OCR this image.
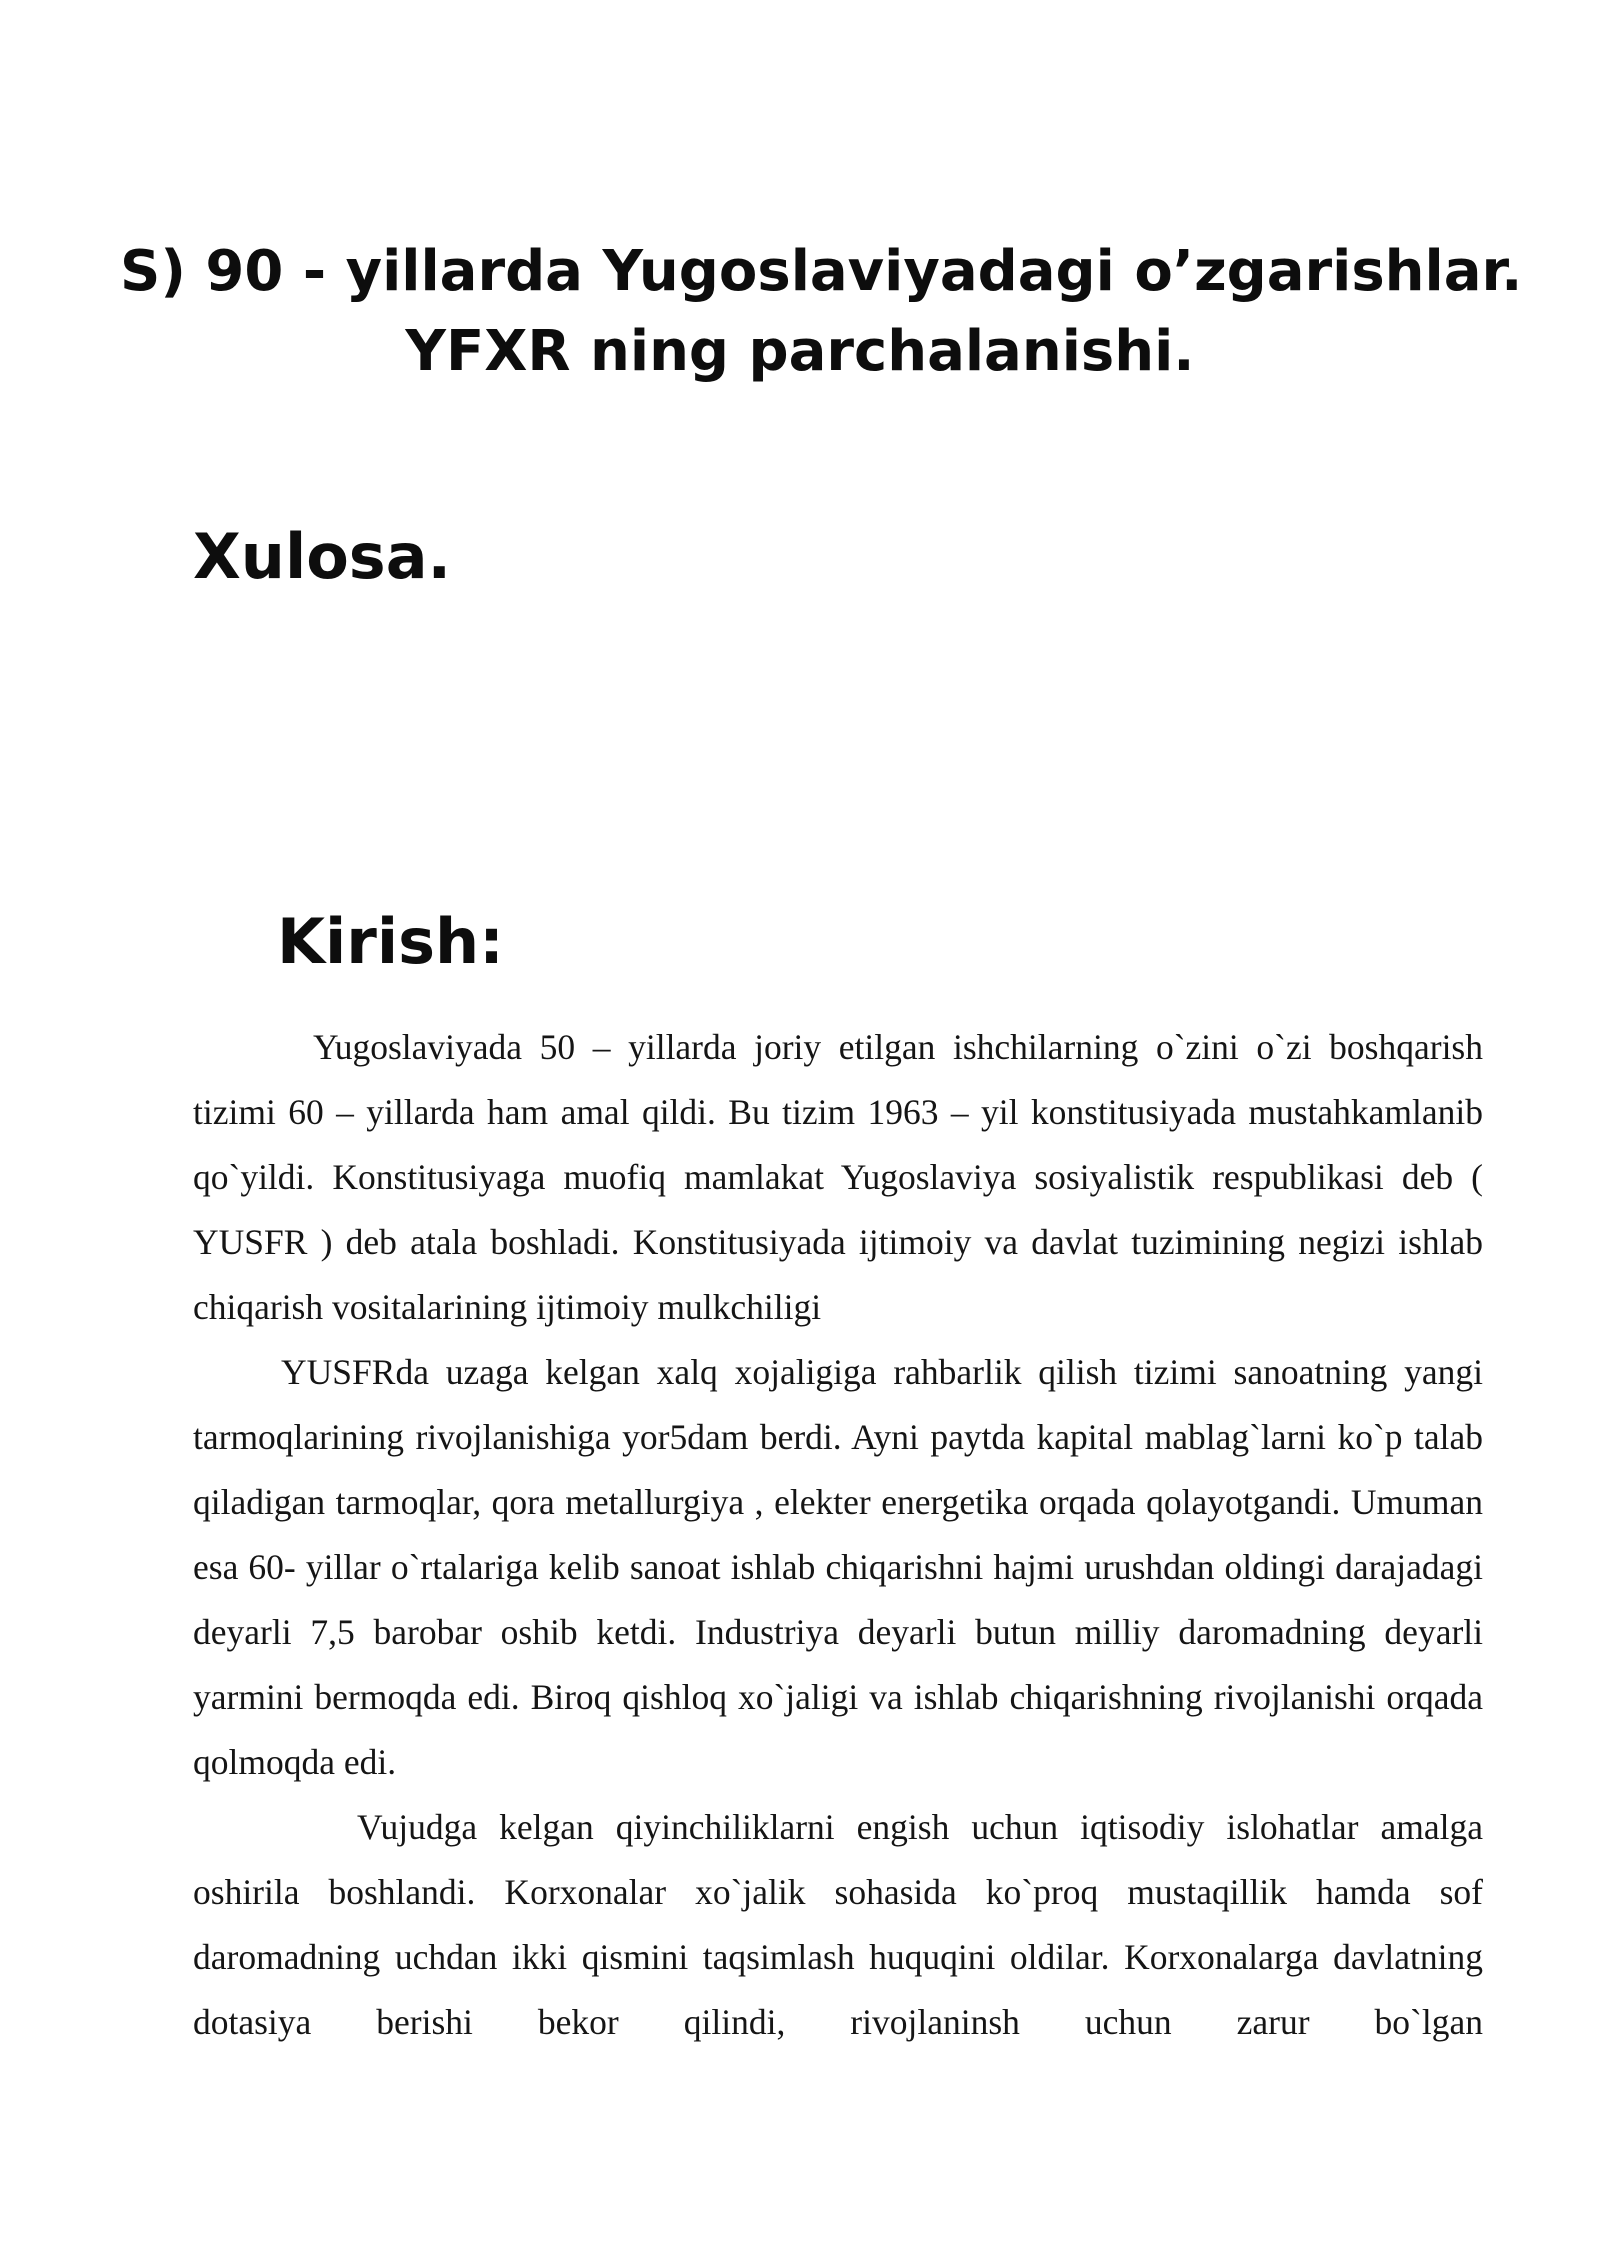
S) 90 - yillarda Yugoslaviyadagi o’zgarishlar.
YFXR ning parchalanishi.
Xulosa.
Kirish:

Yugoslaviyada 50 – yillarda joriy etilgan ishchilarning o`zini o`zi boshqarish tizimi 60 – yillarda ham amal qildi. Bu tizim 1963 – yil konstitusiyada mustahkamlanib qo`yildi. Konstitusiyaga muofiq mamlakat Yugoslaviya sosiyalistik respublikasi deb ( YUSFR ) deb atala boshladi. Konstitusiyada ijtimoiy va davlat tuzimining negizi ishlab chiqarish vositalarining ijtimoiy mulkchiligi

YUSFRda uzaga kelgan xalq xojaligiga rahbarlik qilish tizimi sanoatning yangi tarmoqlarining rivojlanishiga yor5dam berdi. Ayni paytda kapital mablag`larni ko`p talab qiladigan tarmoqlar, qora metallurgiya , elekter energetika orqada qolayotgandi. Umuman esa 60- yillar o`rtalariga kelib sanoat ishlab chiqarishni hajmi urushdan oldingi darajadagi deyarli 7,5 barobar oshib ketdi. Industriya deyarli butun milliy daromadning deyarli yarmini bermoqda edi. Biroq qishloq xo`jaligi va ishlab chiqarishning rivojlanishi orqada qolmoqda edi.

Vujudga kelgan qiyinchiliklarni engish uchun iqtisodiy islohatlar amalga oshirila boshlandi. Korxonalar xo`jalik sohasida ko`proq mustaqillik hamda sof daromadning uchdan ikki qismini taqsimlash huquqini oldilar. Korxonalarga davlatning dotasiya berishi bekor qilindi, rivojlaninsh uchun zarur bo`lgan
